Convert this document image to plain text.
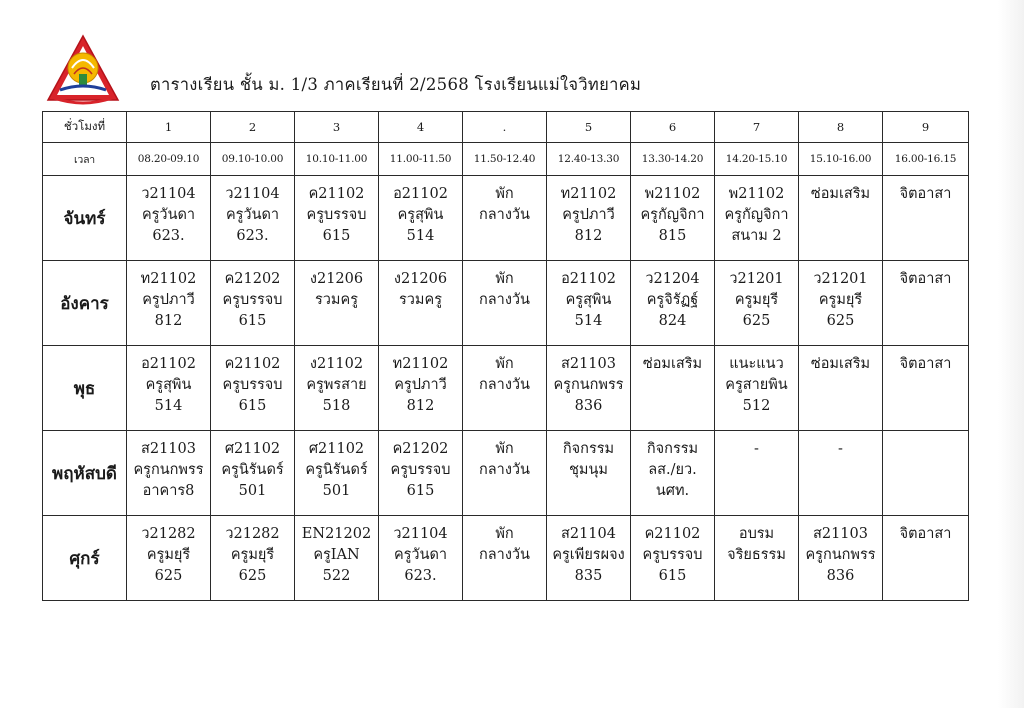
ตารางเรียน ชั้น ม. 1/3 ภาคเรียนที่ 2/2568 โรงเรียนแม่ใจวิทยาคม
ชั่วโมงที่	1	2	3	4	.	5	6	7	8	9
เวลา	08.20-09.10	09.10-10.00	10.10-11.00	11.00-11.50	11.50-12.40	12.40-13.30	13.30-14.20	14.20-15.10	15.10-16.00	16.00-16.15
จันทร์	ว21104
ครูวันดา
623.	ว21104
ครูวันดา
623.	ค21102
ครูบรรจบ
615	อ21102
ครูสุพิน
514	พัก
กลางวัน	ท21102
ครูปภาวี
812	พ21102
ครูกัญจิกา
815	พ21102
ครูกัญจิกา
สนาม 2	ซ่อมเสริม	จิตอาสา

อังคาร	ท21102
ครูปภาวี
812	ค21202
ครูบรรจบ
615	ง21206
รวมครู	ง21206
รวมครู	พัก
กลางวัน	อ21102
ครูสุพิน
514	ว21204
ครูจิรัฏฐ์
824	ว21201
ครูมยุรี
625	ว21201
ครูมยุรี
625	จิตอาสา

พุธ	อ21102
ครูสุพิน
514	ค21102
ครูบรรจบ
615	ง21102
ครูพรสาย
518	ท21102
ครูปภาวี
812	พัก
กลางวัน	ส21103
ครูกนกพรร
836	ซ่อมเสริม	แนะแนว
ครูสายพิน
512	ซ่อมเสริม	จิตอาสา

พฤหัสบดี	ส21103
ครูกนกพรร
อาคาร8	ศ21102
ครูนิรันดร์
501	ศ21102
ครูนิรันดร์
501	ค21202
ครูบรรจบ
615	พัก
กลางวัน	กิจกรรม
ชุมนุม	กิจกรรม
ลส./ยว.
นศท.	-	-	

ศุกร์	ว21282
ครูมยุรี
625	ว21282
ครูมยุรี
625	EN21202
ครูIAN
522	ว21104
ครูวันดา
623.	พัก
กลางวัน	ส21104
ครูเพียรผจง
835	ค21102
ครูบรรจบ
615	อบรม
จริยธรรม	ส21103
ครูกนกพรร
836	จิตอาสา
